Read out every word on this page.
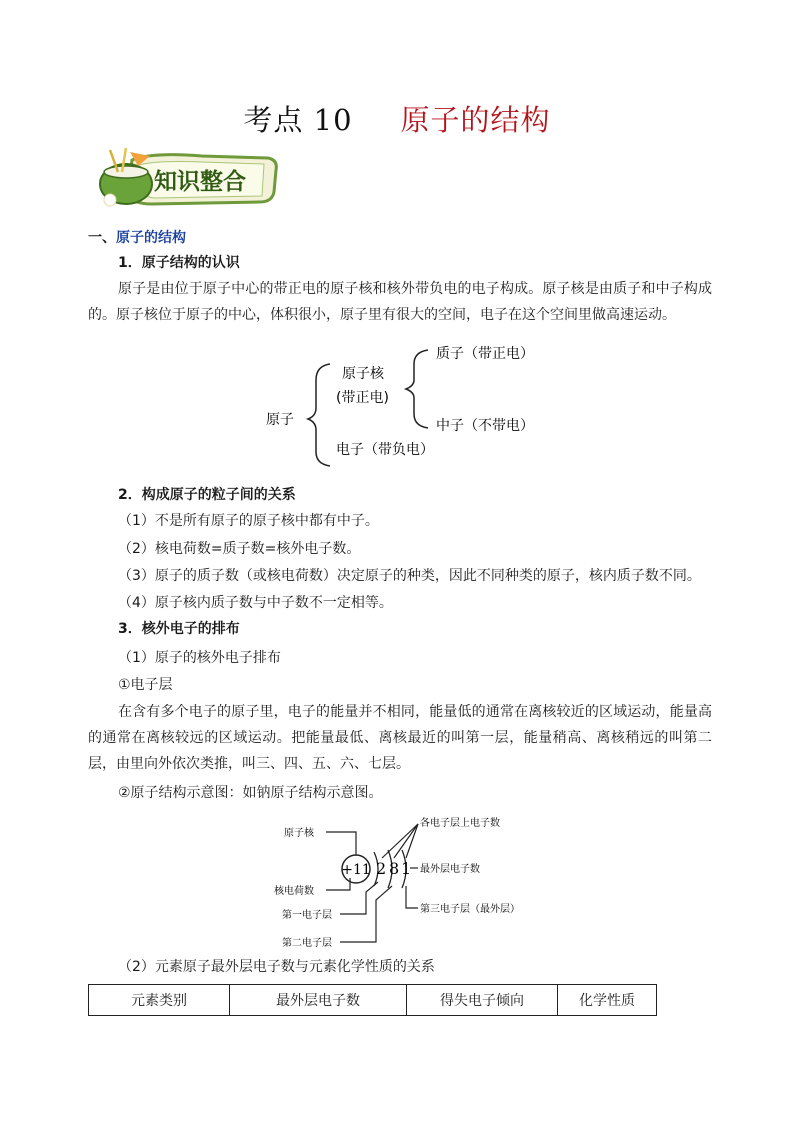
考点 10 原子的结构
知识整合
一、原子的结构
1．原子结构的认识
原子是由位于原子中心的带正电的原子核和核外带负电的电子构成。原子核是由质子和中子构成的。原子核位于原子的中心，体积很小，原子里有很大的空间，电子在这个空间里做高速运动。
原子
原子核
(带正电)
质子（带正电）
中子（不带电）
电子（带负电）
2．构成原子的粒子间的关系
（1）不是所有原子的原子核中都有中子。
（2）核电荷数=质子数=核外电子数。
（3）原子的质子数（或核电荷数）决定原子的种类，因此不同种类的原子，核内质子数不同。
（4）原子核内质子数与中子数不一定相等。
3．核外电子的排布
（1）原子的核外电子排布
①电子层
在含有多个电子的原子里，电子的能量并不相同，能量低的通常在离核较近的区域运动，能量高的通常在离核较远的区域运动。把能量最低、离核最近的叫第一层，能量稍高、离核稍远的叫第二层，由里向外依次类推，叫三、四、五、六、七层。
②原子结构示意图：如钠原子结构示意图。
+11 2 8 1
原子核
核电荷数
第一电子层
第二电子层
各电子层上电子数
最外层电子数
第三电子层（最外层）
（2）元素原子最外层电子数与元素化学性质的关系
元素类别	最外层电子数	得失电子倾向	化学性质
